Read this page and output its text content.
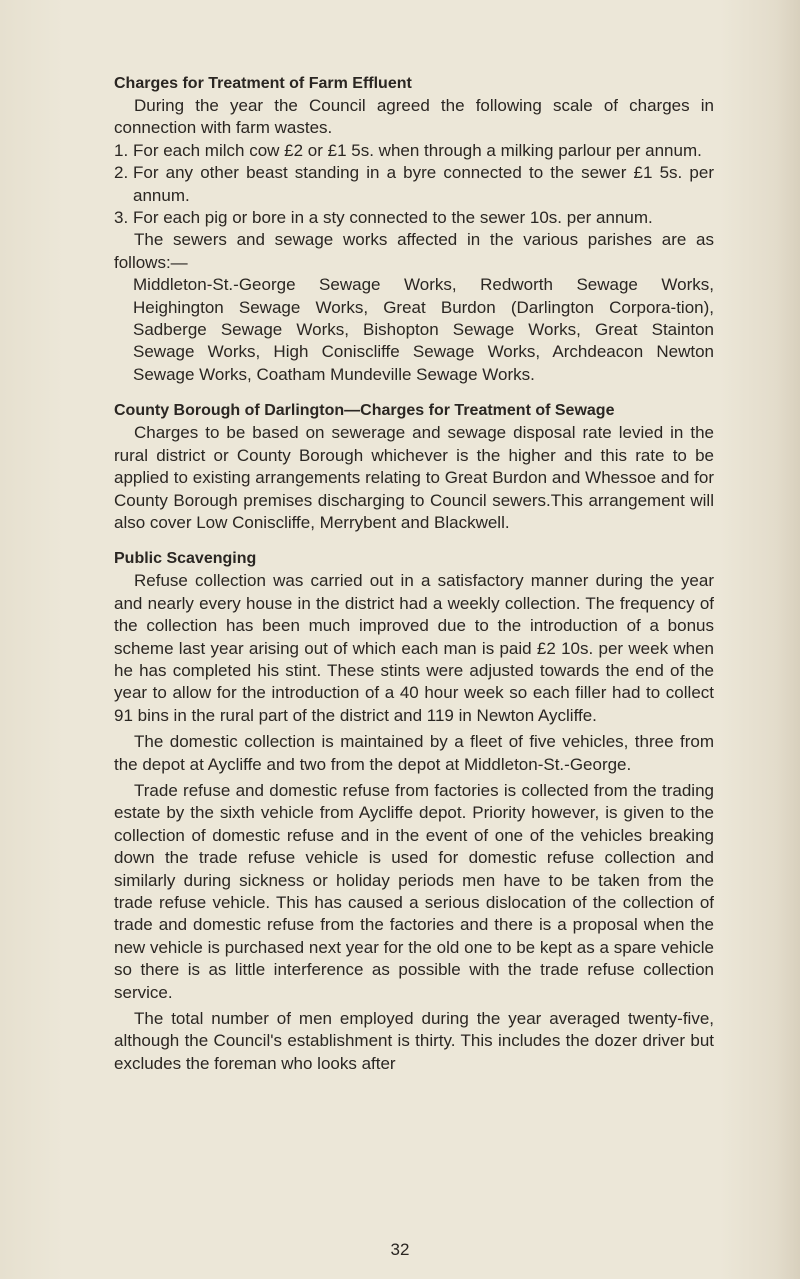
Charges for Treatment of Farm Effluent

During the year the Council agreed the following scale of charges in connection with farm wastes.

1. For each milch cow £2 or £1 5s. when through a milking parlour per annum.
2. For any other beast standing in a byre connected to the sewer £1 5s. per annum.
3. For each pig or bore in a sty connected to the sewer 10s. per annum.

The sewers and sewage works affected in the various parishes are as follows:—

Middleton-St.-George Sewage Works, Redworth Sewage Works, Heighington Sewage Works, Great Burdon (Darlington Corpora-tion), Sadberge Sewage Works, Bishopton Sewage Works, Great Stainton Sewage Works, High Coniscliffe Sewage Works, Archdeacon Newton Sewage Works, Coatham Mundeville Sewage Works.

County Borough of Darlington—Charges for Treatment of Sewage

Charges to be based on sewerage and sewage disposal rate levied in the rural district or County Borough whichever is the higher and this rate to be applied to existing arrangements relating to Great Burdon and Whessoe and for County Borough premises discharging to Council sewers.This arrangement will also cover Low Coniscliffe, Merrybent and Blackwell.

Public Scavenging

Refuse collection was carried out in a satisfactory manner during the year and nearly every house in the district had a weekly collection. The frequency of the collection has been much improved due to the introduction of a bonus scheme last year arising out of which each man is paid £2 10s. per week when he has completed his stint. These stints were adjusted towards the end of the year to allow for the introduction of a 40 hour week so each filler had to collect 91 bins in the rural part of the district and 119 in Newton Aycliffe.

The domestic collection is maintained by a fleet of five vehicles, three from the depot at Aycliffe and two from the depot at Middleton-St.-George.

Trade refuse and domestic refuse from factories is collected from the trading estate by the sixth vehicle from Aycliffe depot. Priority however, is given to the collection of domestic refuse and in the event of one of the vehicles breaking down the trade refuse vehicle is used for domestic refuse collection and similarly during sickness or holiday periods men have to be taken from the trade refuse vehicle. This has caused a serious dislocation of the collection of trade and domestic refuse from the factories and there is a proposal when the new vehicle is purchased next year for the old one to be kept as a spare vehicle so there is as little interference as possible with the trade refuse collection service.

The total number of men employed during the year averaged twenty-five, although the Council's establishment is thirty. This includes the dozer driver but excludes the foreman who looks after

32
